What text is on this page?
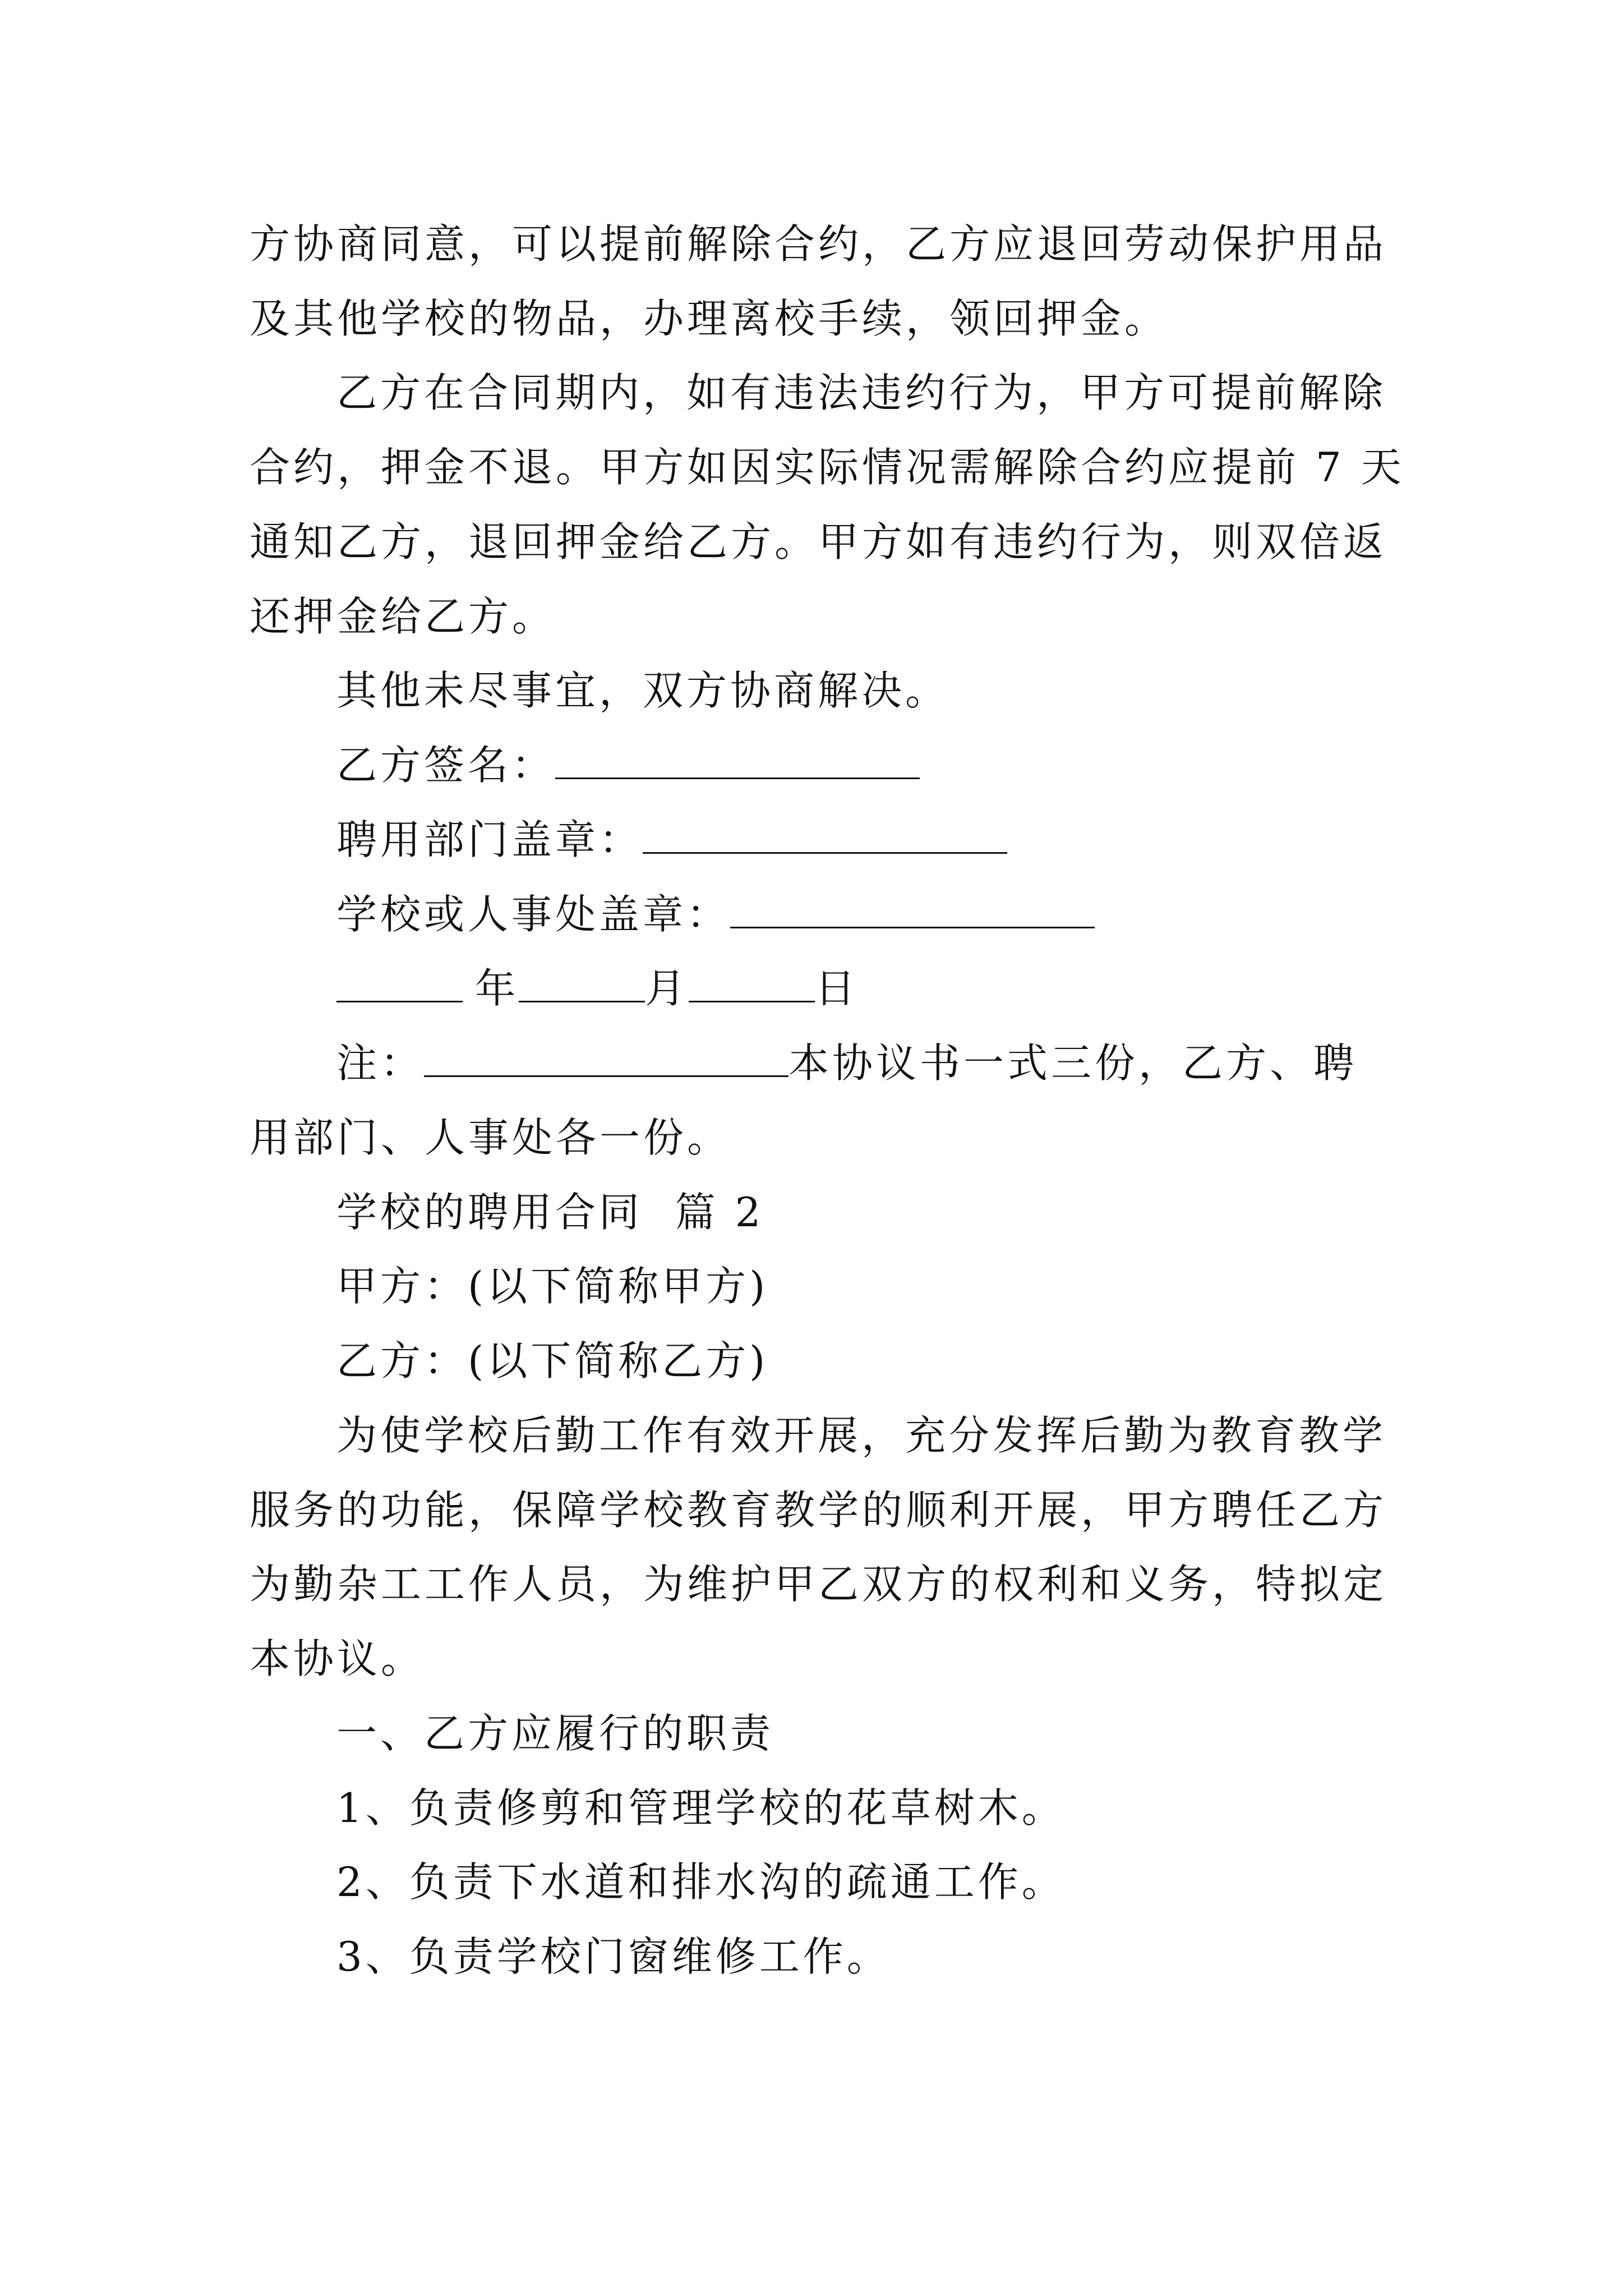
方协商同意，可以提前解除合约，乙方应退回劳动保护用品
及其他学校的物品，办理离校手续，领回押金。
乙方在合同期内，如有违法违约行为，甲方可提前解除
合约，押金不退。甲方如因实际情况需解除合约应提前 7 天
通知乙方，退回押金给乙方。甲方如有违约行为，则双倍返
还押金给乙方。
其他未尽事宜，双方协商解决。
乙方签名：
聘用部门盖章：
学校或人事处盖章：
年	月	日
注：	本协议书一式三份，乙方、聘
用部门、人事处各一份。
学校的聘用合同  篇 2
甲方：(以下简称甲方)
乙方：(以下简称乙方)
为使学校后勤工作有效开展，充分发挥后勤为教育教学
服务的功能，保障学校教育教学的顺利开展，甲方聘任乙方
为勤杂工工作人员，为维护甲乙双方的权利和义务，特拟定
本协议。
一、乙方应履行的职责
1、负责修剪和管理学校的花草树木。
2、负责下水道和排水沟的疏通工作。
3、负责学校门窗维修工作。
